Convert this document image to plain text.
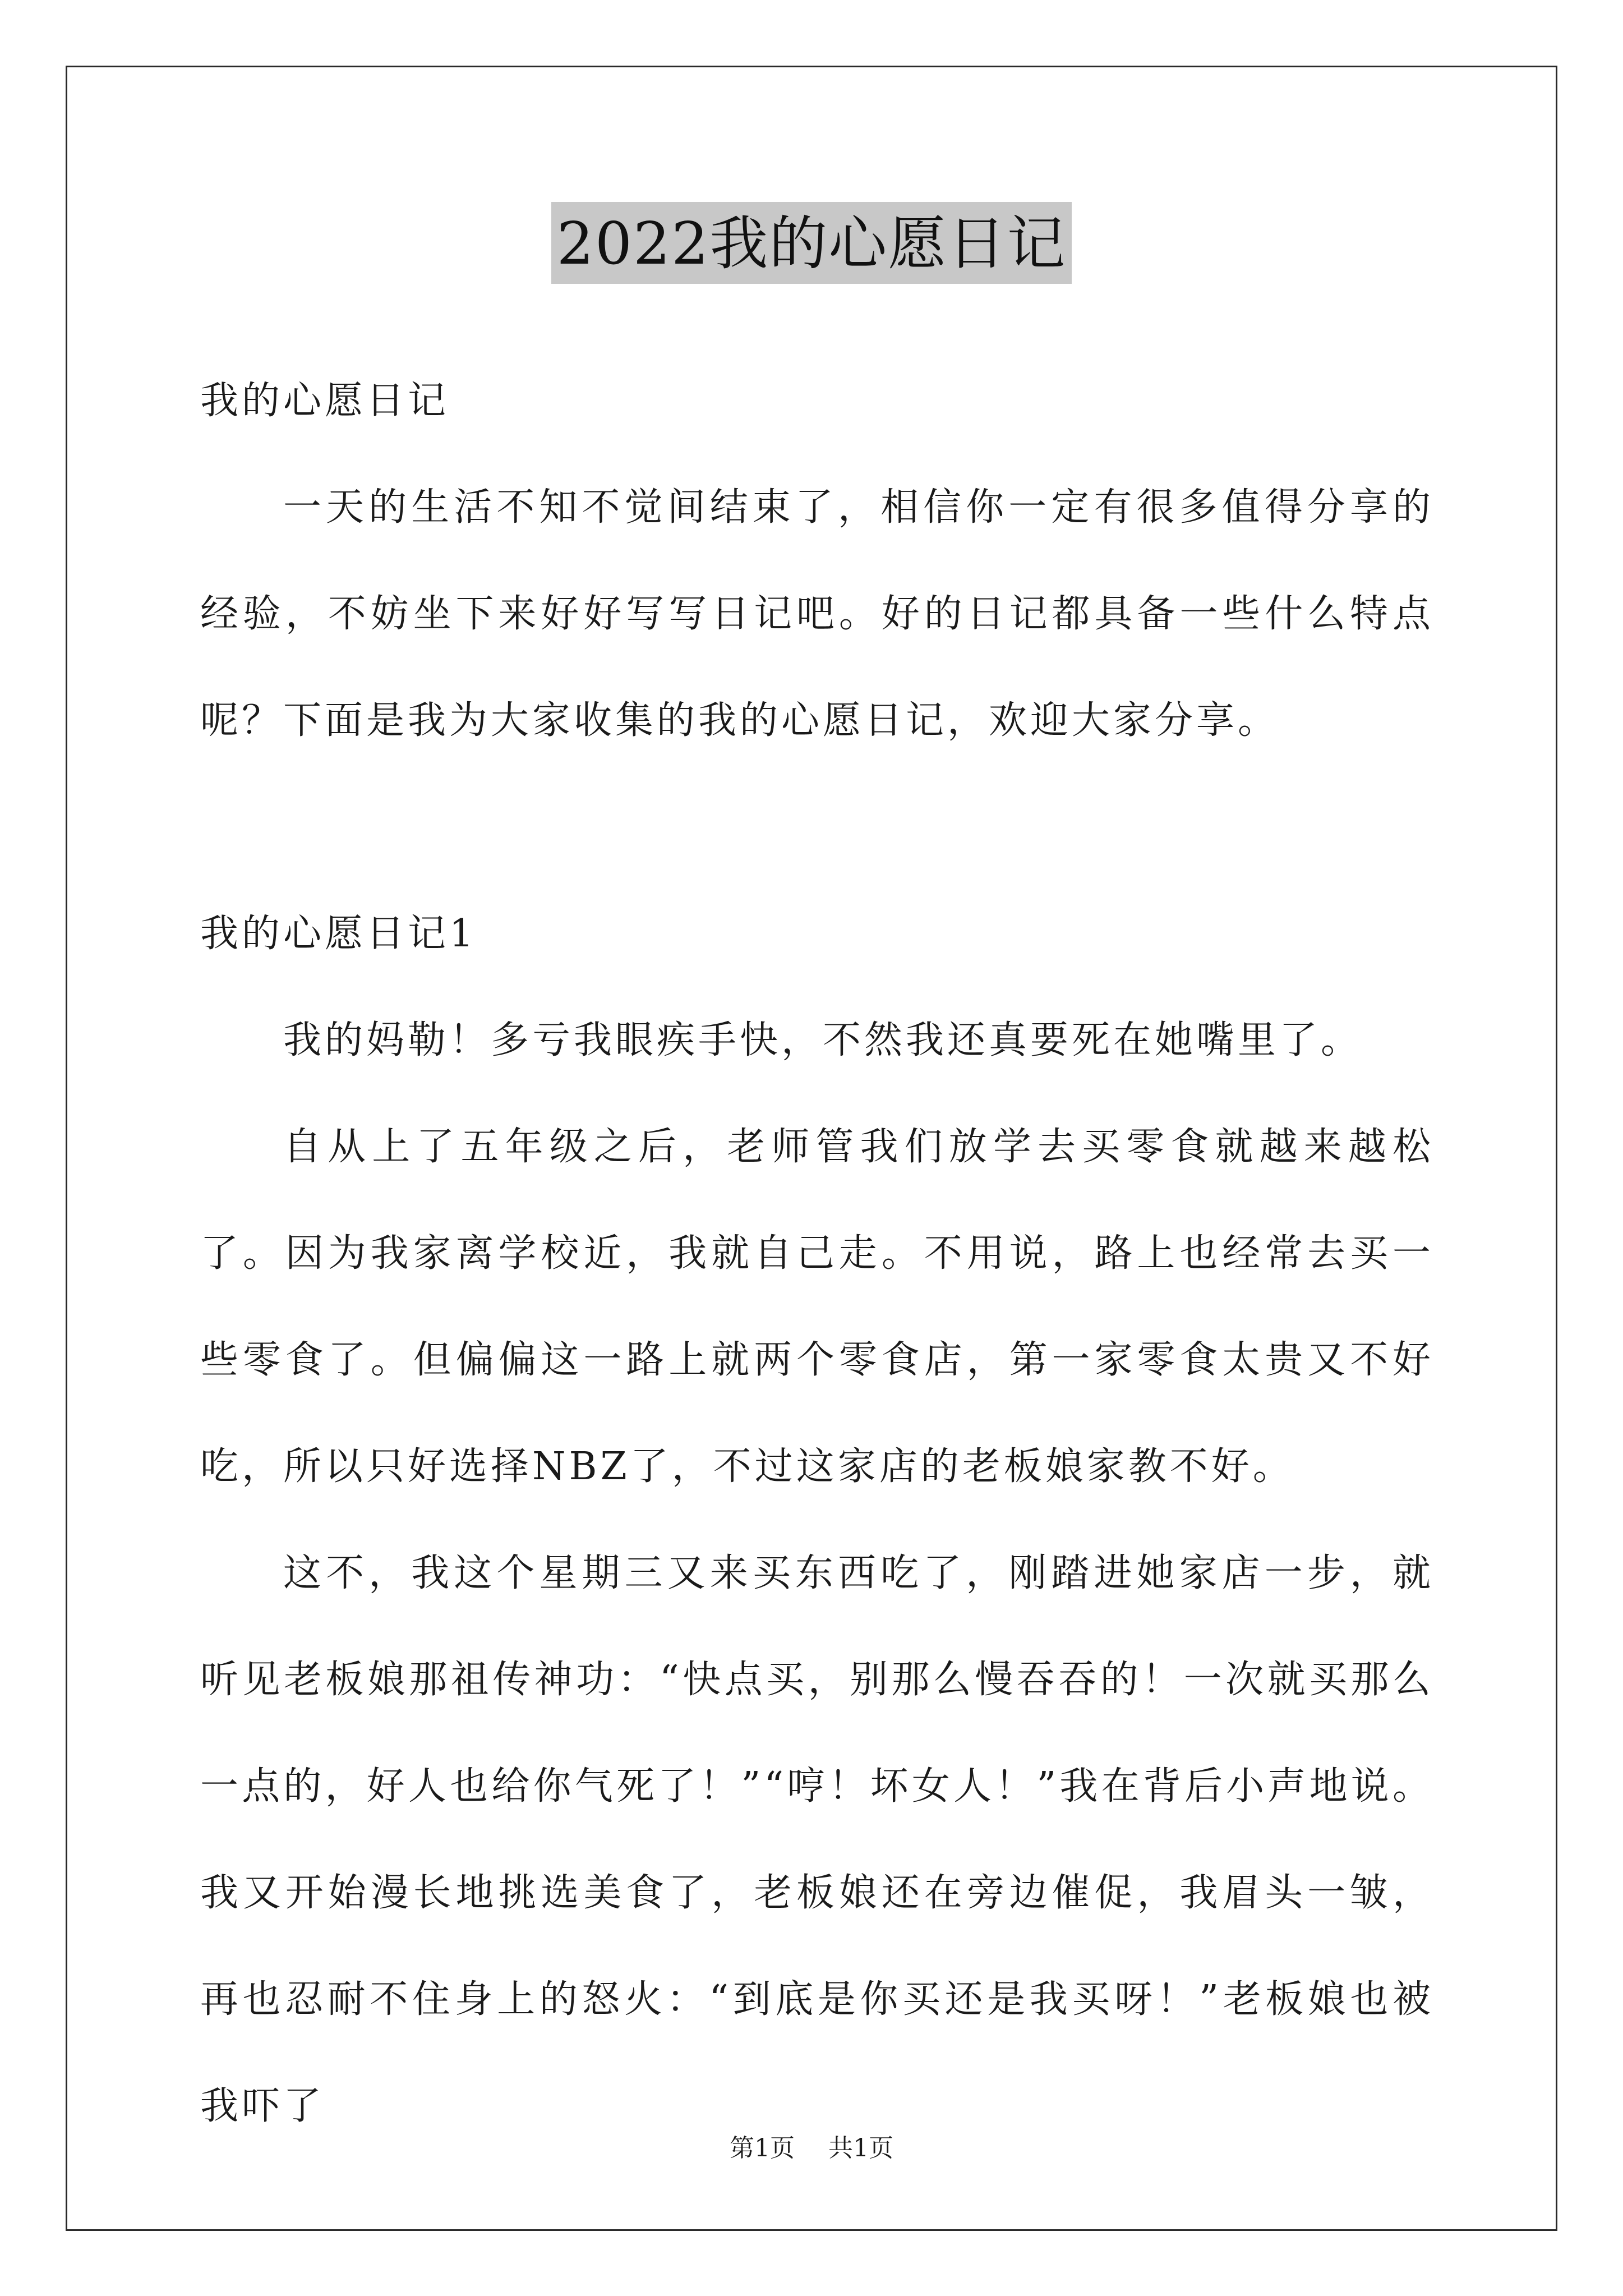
2022我的心愿日记

我的心愿日记

一天的生活不知不觉间结束了，相信你一定有很多值得分享的经验，不妨坐下来好好写写日记吧。好的日记都具备一些什么特点呢？下面是我为大家收集的我的心愿日记，欢迎大家分享。

我的心愿日记1

我的妈勒！多亏我眼疾手快，不然我还真要死在她嘴里了。

自从上了五年级之后，老师管我们放学去买零食就越来越松了。因为我家离学校近，我就自己走。不用说，路上也经常去买一些零食了。但偏偏这一路上就两个零食店，第一家零食太贵又不好吃，所以只好选择NBZ了，不过这家店的老板娘家教不好。

这不，我这个星期三又来买东西吃了，刚踏进她家店一步，就听见老板娘那祖传神功：“快点买，别那么慢吞吞的！一次就买那么一点的，好人也给你气死了！”“哼！坏女人！”我在背后小声地说。我又开始漫长地挑选美食了，老板娘还在旁边催促，我眉头一皱，再也忍耐不住身上的怒火：“到底是你买还是我买呀！”老板娘也被我吓了

第1页 共1页
